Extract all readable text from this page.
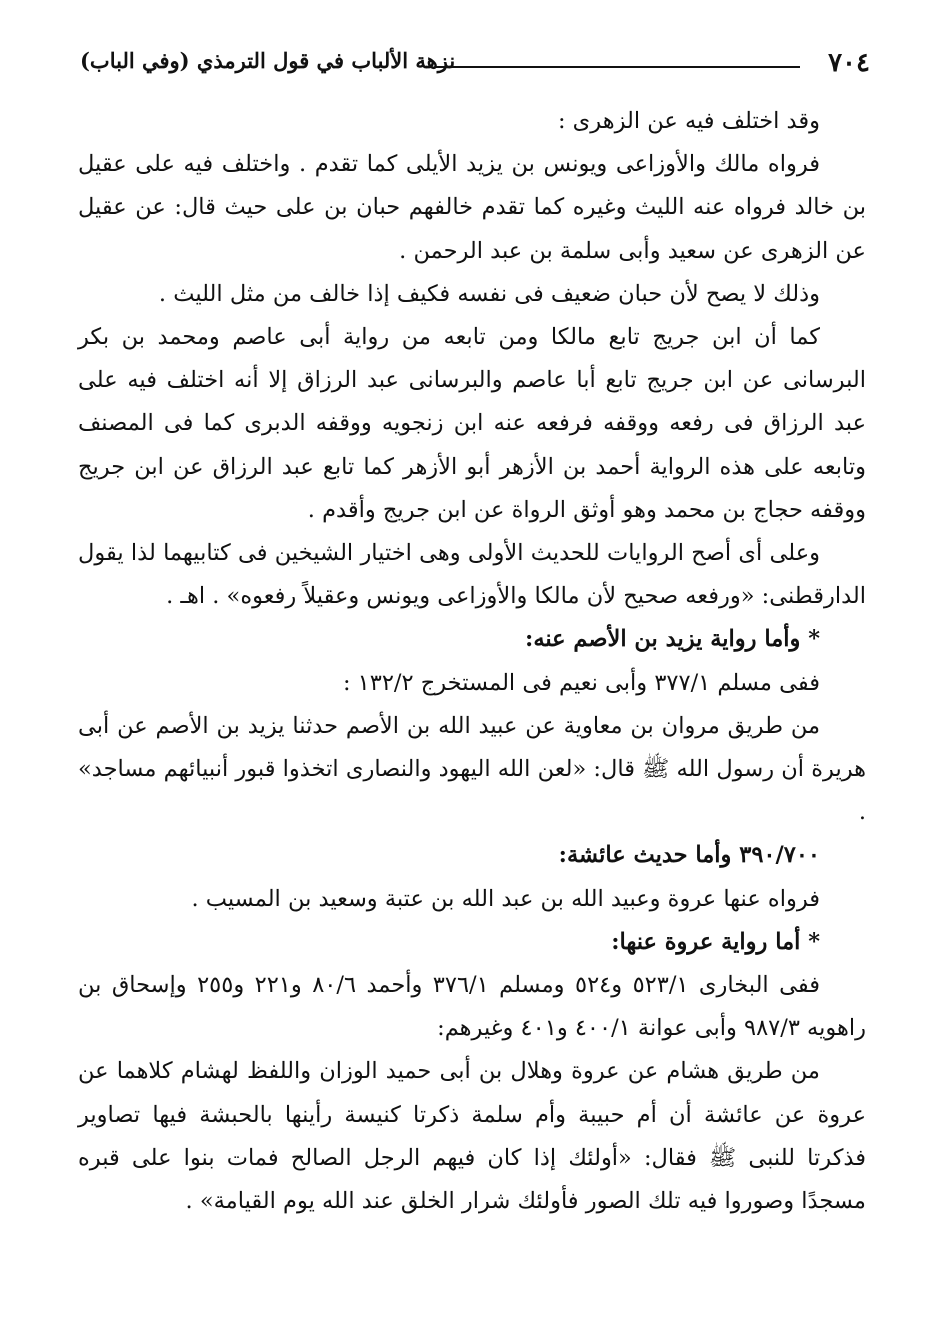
٧٠٤
نزهة الألباب في قول الترمذي (وفي الباب)

وقد اختلف فيه عن الزهرى :

فرواه مالك والأوزاعى ويونس بن يزيد الأيلى كما تقدم . واختلف فيه على عقيل بن خالد فرواه عنه الليث وغيره كما تقدم خالفهم حبان بن على حيث قال: عن عقيل عن الزهرى عن سعيد وأبى سلمة بن عبد الرحمن .

وذلك لا يصح لأن حبان ضعيف فى نفسه فكيف إذا خالف من مثل الليث .

كما أن ابن جريج تابع مالكا ومن تابعه من رواية أبى عاصم ومحمد بن بكر البرسانى عن ابن جريج تابع أبا عاصم والبرسانى عبد الرزاق إلا أنه اختلف فيه على عبد الرزاق فى رفعه ووقفه فرفعه عنه ابن زنجويه ووقفه الدبرى كما فى المصنف وتابعه على هذه الرواية أحمد بن الأزهر أبو الأزهر كما تابع عبد الرزاق عن ابن جريج ووقفه حجاج بن محمد وهو أوثق الرواة عن ابن جريج وأقدم .

وعلى أى أصح الروايات للحديث الأولى وهى اختيار الشيخين فى كتابيهما لذا يقول الدارقطنى: «ورفعه صحيح لأن مالكا والأوزاعى ويونس وعقيلاً رفعوه» . اهـ .

* وأما رواية يزيد بن الأصم عنه:

ففى مسلم ٣٧٧/١ وأبى نعيم فى المستخرج ١٣٢/٢ :

من طريق مروان بن معاوية عن عبيد الله بن الأصم حدثنا يزيد بن الأصم عن أبى هريرة أن رسول الله ﷺ قال: «لعن الله اليهود والنصارى اتخذوا قبور أنبيائهم مساجد» .

٣٩٠/٧٠٠ وأما حديث عائشة:

فرواه عنها عروة وعبيد الله بن عبد الله بن عتبة وسعيد بن المسيب .

* أما رواية عروة عنها:

ففى البخارى ٥٢٣/١ و٥٢٤ ومسلم ٣٧٦/١ وأحمد ٨٠/٦ و٢٢١ و٢٥٥ وإسحاق بن راهويه ٩٨٧/٣ وأبى عوانة ٤٠٠/١ و٤٠١ وغيرهم:

من طريق هشام عن عروة وهلال بن أبى حميد الوزان واللفظ لهشام كلاهما عن عروة عن عائشة أن أم حبيبة وأم سلمة ذكرتا كنيسة رأينها بالحبشة فيها تصاوير فذكرتا للنبى ﷺ فقال: «أولئك إذا كان فيهم الرجل الصالح فمات بنوا على قبره مسجدًا وصوروا فيه تلك الصور فأولئك شرار الخلق عند الله يوم القيامة» .
